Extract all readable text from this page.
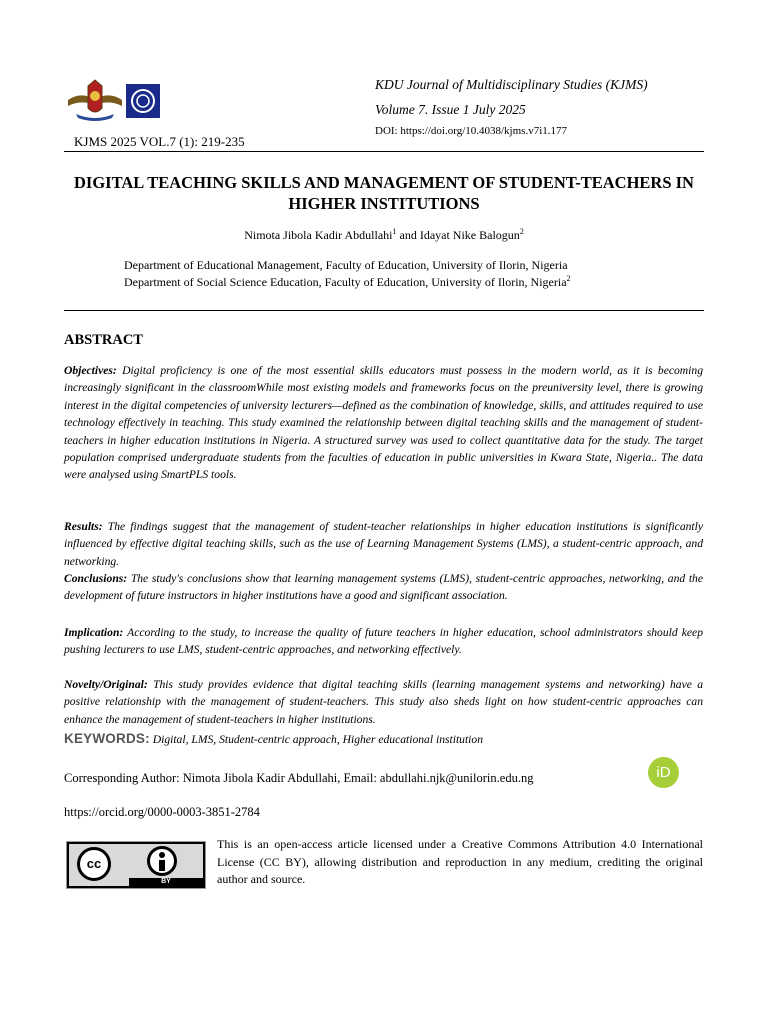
KDU Journal of Multidisciplinary Studies (KJMS)
Volume 7. Issue 1 July 2025
DOI: https://doi.org/10.4038/kjms.v7i1.177
KJMS 2025 VOL.7 (1): 219-235
DIGITAL TEACHING SKILLS AND MANAGEMENT OF STUDENT-TEACHERS IN HIGHER INSTITUTIONS
Nimota Jibola Kadir Abdullahi$^1$ and Idayat Nike Balogun$^2$
Department of Educational Management, Faculty of Education, University of Ilorin, Nigeria
Department of Social Science Education, Faculty of Education, University of Ilorin, Nigeria$^2$
ABSTRACT
Objectives: Digital proficiency is one of the most essential skills educators must possess in the modern world, as it is becoming increasingly significant in the classroomWhile most existing models and frameworks focus on the preuniversity level, there is growing interest in the digital competencies of university lecturers—defined as the combination of knowledge, skills, and attitudes required to use technology effectively in teaching. This study examined the relationship between digital teaching skills and the management of student-teachers in higher education institutions in Nigeria. A structured survey was used to collect quantitative data for the study. The target population comprised undergraduate students from the faculties of education in public universities in Kwara State, Nigeria.. The data were analysed using SmartPLS tools.
Results: The findings suggest that the management of student-teacher relationships in higher education institutions is significantly influenced by effective digital teaching skills, such as the use of Learning Management Systems (LMS), a student-centric approach, and networking.
Conclusions: The study's conclusions show that learning management systems (LMS), student-centric approaches, networking, and the development of future instructors in higher institutions have a good and significant association.
Implication: According to the study, to increase the quality of future teachers in higher education, school administrators should keep pushing lecturers to use LMS, student-centric approaches, and networking effectively.
Novelty/Original: This study provides evidence that digital teaching skills (learning management systems and networking) have a positive relationship with the management of student-teachers. This study also sheds light on how student-centric approaches can enhance the management of student-teachers in higher institutions.
KEYWORDS: Digital, LMS, Student-centric approach, Higher educational institution
Corresponding Author: Nimota Jibola Kadir Abdullahi, Email: abdullahi.njk@unilorin.edu.ng	iD
https://orcid.org/0000-0003-3851-2784
cc
BY
This is an open-access article licensed under a Creative Commons Attribution 4.0 International License (CC BY), allowing distribution and reproduction in any medium, crediting the original author and source.
